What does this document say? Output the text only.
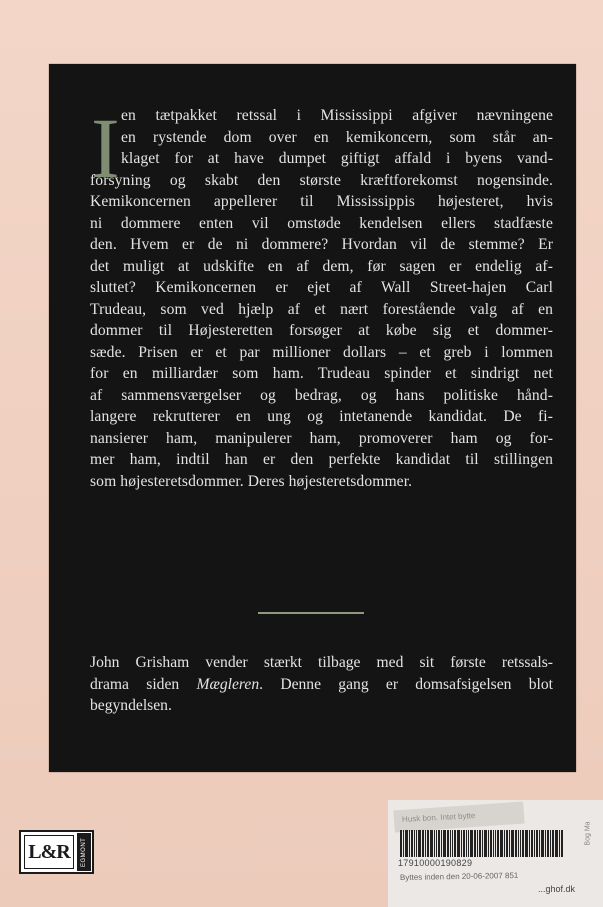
I en tætpakket retssal i Mississippi afgiver nævningene
en rystende dom over en kemikoncern, som står an-
klaget for at have dumpet giftigt affald i byens vand-
forsyning og skabt den største kræftforekomst nogensinde.
Kemikoncernen appellerer til Mississippis højesteret, hvis
ni dommere enten vil omstøde kendelsen ellers stadfæste
den. Hvem er de ni dommere? Hvordan vil de stemme? Er
det muligt at udskifte en af dem, før sagen er endelig af-
sluttet? Kemikoncernen er ejet af Wall Street-hajen Carl
Trudeau, som ved hjælp af et nært forestående valg af en
dommer til Højesteretten forsøger at købe sig et dommer-
sæde. Prisen er et par millioner dollars – et greb i lommen
for en milliardær som ham. Trudeau spinder et sindrigt net
af sammensværgelser og bedrag, og hans politiske hånd-
langere rekrutterer en ung og intetanende kandidat. De fi-
nansierer ham, manipulerer ham, promoverer ham og for-
mer ham, indtil han er den perfekte kandidat til stillingen
som højesteretsdommer. Deres højesteretsdommer.
John Grisham vender stærkt tilbage med sit første retssals-
drama siden Mægleren. Denne gang er domsafsigelsen blot
begyndelsen.
L&R	EGMONT
Husk bon. Intet bytte
17910000190829
Byttes inden den 20-06-2007 851
...ghof.dk
Bog Ma
